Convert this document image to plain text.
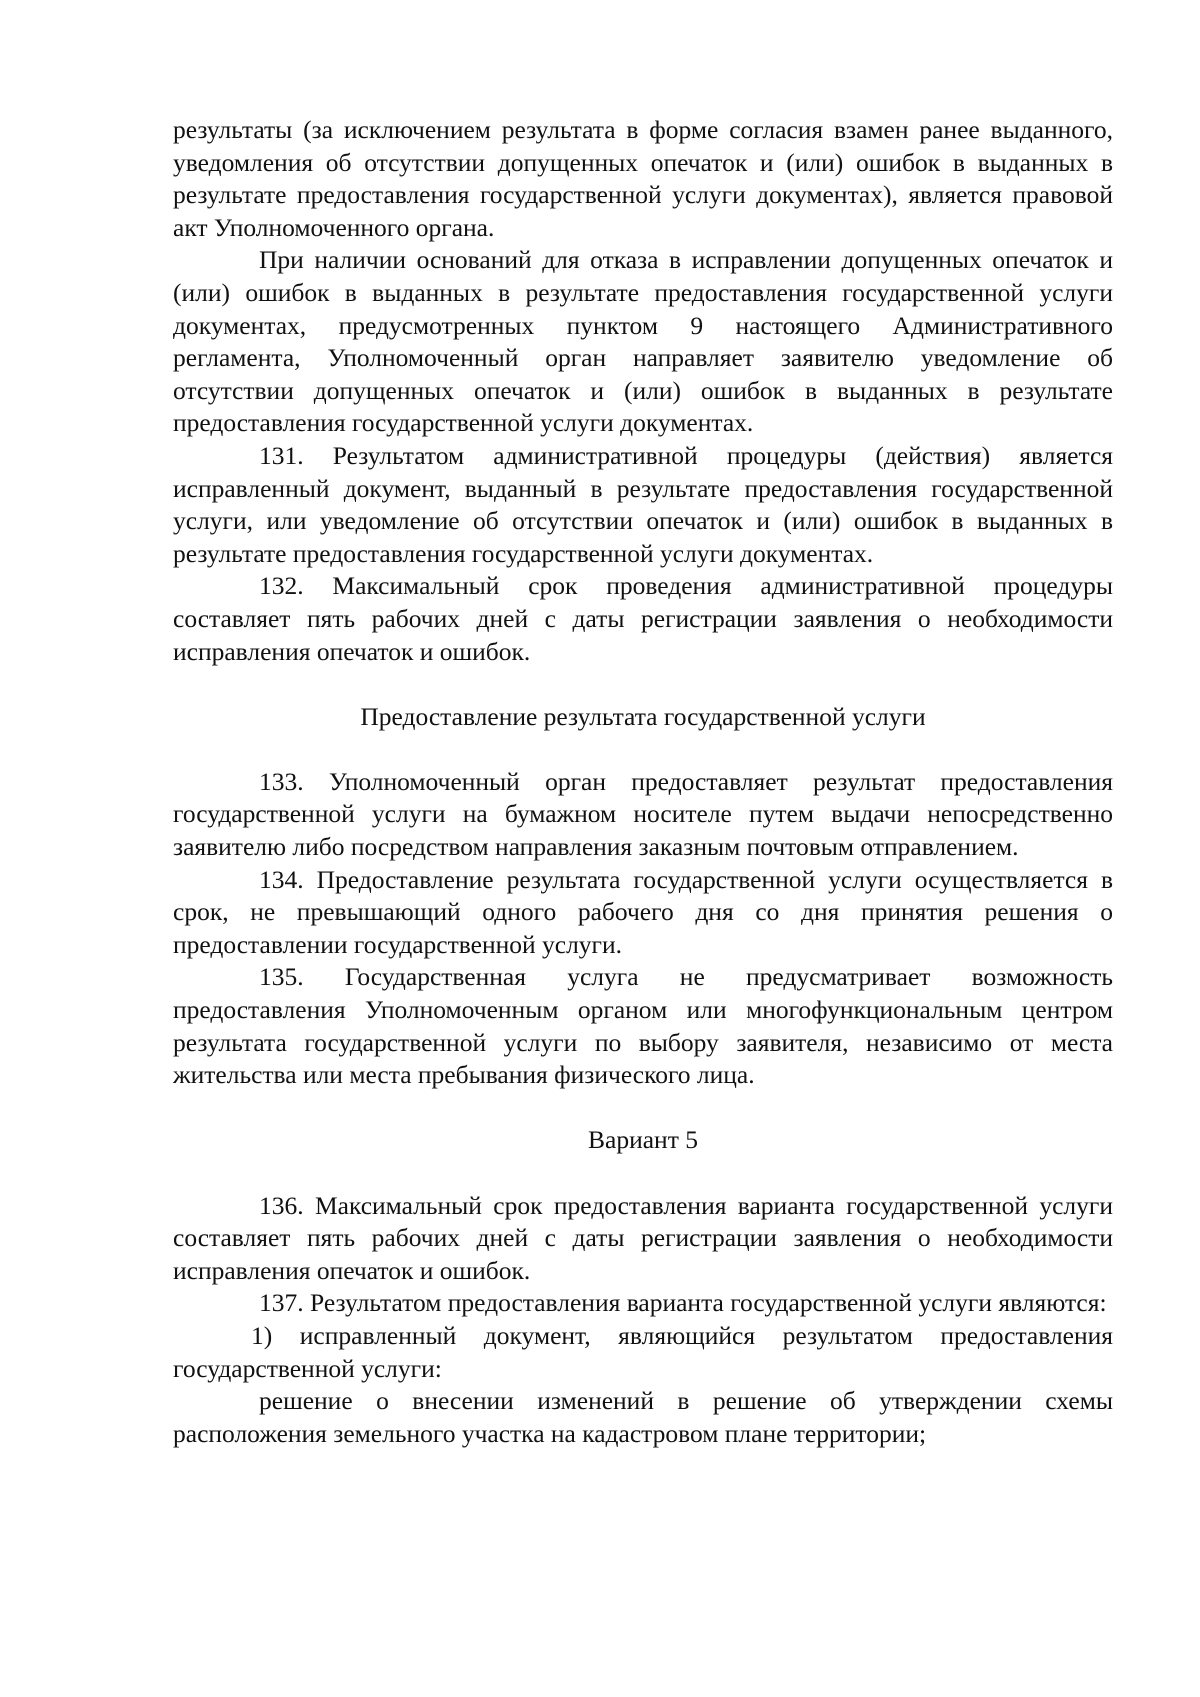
результаты (за исключением результата в форме согласия взамен ранее выданного, уведомления об отсутствии допущенных опечаток и (или) ошибок в выданных в результате предоставления государственной услуги документах), является правовой акт Уполномоченного органа.

При наличии оснований для отказа в исправлении допущенных опечаток и (или) ошибок в выданных в результате предоставления государственной услуги документах, предусмотренных пунктом 9 настоящего Административного регламента, Уполномоченный орган направляет заявителю уведомление об отсутствии допущенных опечаток и (или) ошибок в выданных в результате предоставления государственной услуги документах.

131. Результатом административной процедуры (действия) является исправленный документ, выданный в результате предоставления государственной услуги, или уведомление об отсутствии опечаток и (или) ошибок в выданных в результате предоставления государственной услуги документах.

132. Максимальный срок проведения административной процедуры составляет пять рабочих дней с даты регистрации заявления о необходимости исправления опечаток и ошибок.

Предоставление результата государственной услуги

133. Уполномоченный орган предоставляет результат предоставления государственной услуги на бумажном носителе путем выдачи непосредственно заявителю либо посредством направления заказным почтовым отправлением.

134. Предоставление результата государственной услуги осуществляется в срок, не превышающий одного рабочего дня со дня принятия решения о предоставлении государственной услуги.

135. Государственная услуга не предусматривает возможность предоставления Уполномоченным органом или многофункциональным центром результата государственной услуги по выбору заявителя, независимо от места жительства или места пребывания физического лица.

Вариант 5

136. Максимальный срок предоставления варианта государственной услуги составляет пять рабочих дней с даты регистрации заявления о необходимости исправления опечаток и ошибок.

137. Результатом предоставления варианта государственной услуги являются:

1) исправленный документ, являющийся результатом предоставления государственной услуги:

решение о внесении изменений в решение об утверждении схемы расположения земельного участка на кадастровом плане территории;
